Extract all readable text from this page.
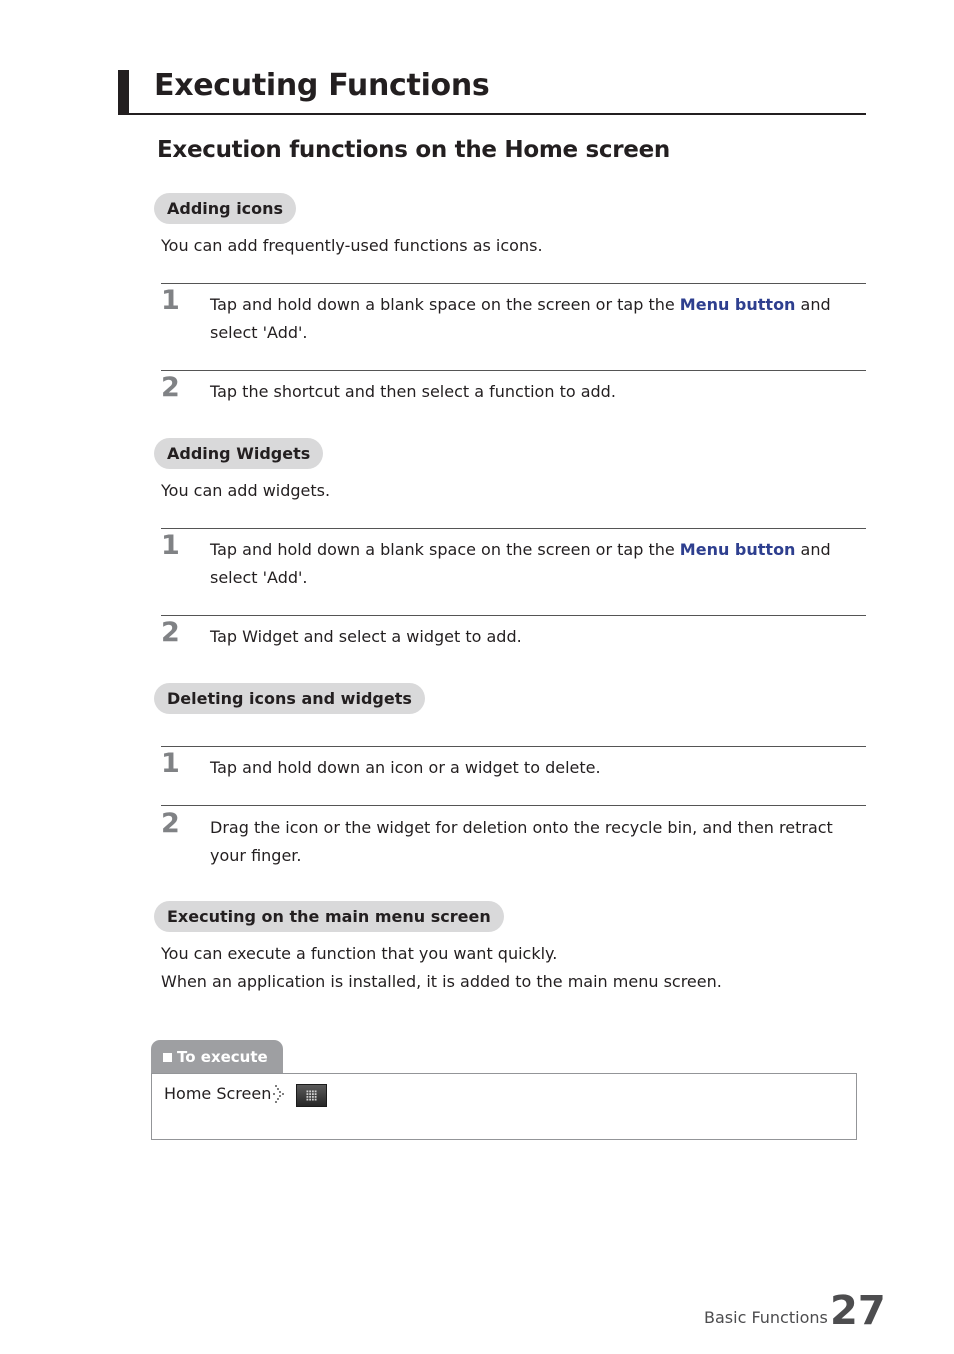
Executing Functions
Execution functions on the Home screen
Adding icons

You can add frequently-used functions as icons.

1 Tap and hold down a blank space on the screen or tap the Menu button and select 'Add'.

2 Tap the shortcut and then select a function to add.

Adding Widgets

You can add widgets.

1 Tap and hold down a blank space on the screen or tap the Menu button and select 'Add'.

2 Tap Widget and select a widget to add.

Deleting icons and widgets
1 Tap and hold down an icon or a widget to delete.

2 Drag the icon or the widget for deletion onto the recycle bin, and then retract your finger.

Executing on the main menu screen

You can execute a function that you want quickly.

When an application is installed, it is added to the main menu screen.

To execute
Home Screen
Basic Functions 27
